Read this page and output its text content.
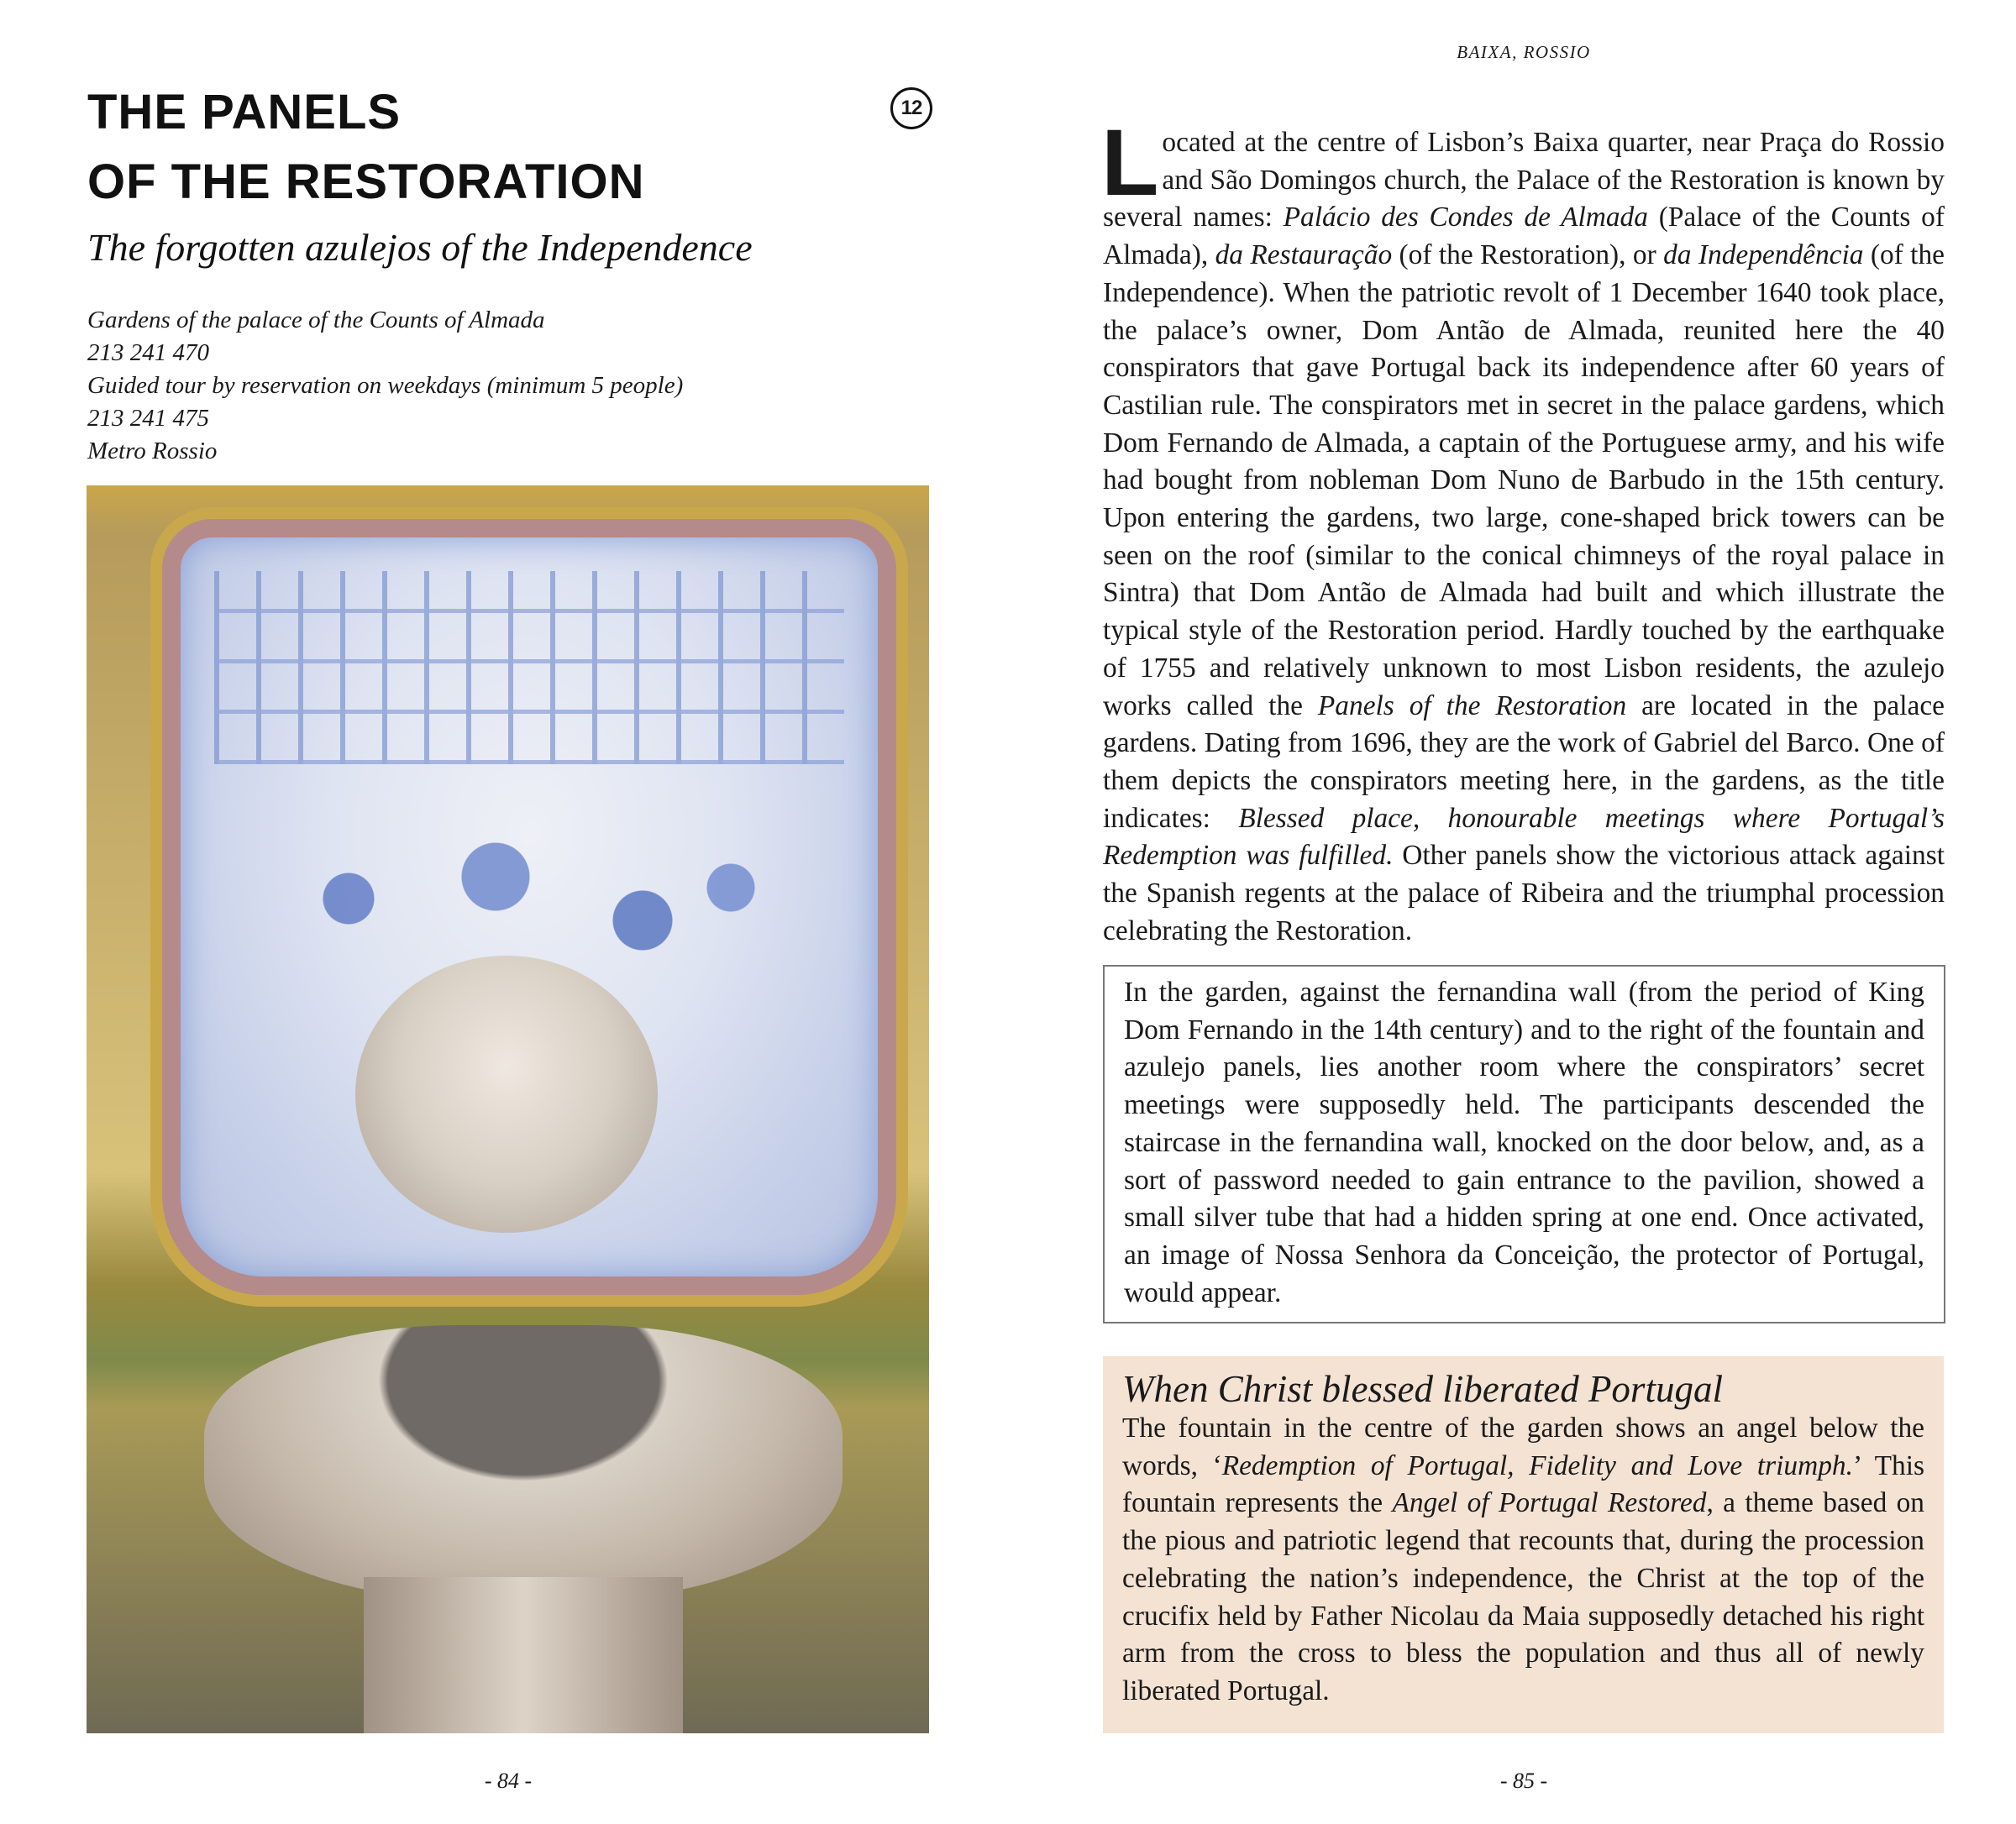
THE PANELS
OF THE RESTORATION
12
The forgotten azulejos of the Independence
Gardens of the palace of the Counts of Almada
213 241 470
Guided tour by reservation on weekdays (minimum 5 people)
213 241 475
Metro Rossio
- 84 -
BAIXA, ROSSIO

Located at the centre of Lisbon’s Baixa quarter, near Praça do Rossio and São Domingos church, the Palace of the Restoration is known by several names: Palácio des Condes de Almada (Palace of the Counts of Almada), da Restauração (of the Restoration), or da Independência (of the Independence). When the patriotic revolt of 1 December 1640 took place, the palace’s owner, Dom Antão de Almada, reunited here the 40 conspirators that gave Portugal back its independence after 60 years of Castilian rule. The conspirators met in secret in the palace gardens, which Dom Fernando de Almada, a captain of the Portuguese army, and his wife had bought from nobleman Dom Nuno de Barbudo in the 15th century. Upon entering the gardens, two large, cone-shaped brick towers can be seen on the roof (similar to the conical chimneys of the royal palace in Sintra) that Dom Antão de Almada had built and which illustrate the typical style of the Restoration period. Hardly touched by the earthquake of 1755 and relatively unknown to most Lisbon residents, the azulejo works called the Panels of the Restoration are located in the palace gardens. Dating from 1696, they are the work of Gabriel del Barco. One of them depicts the conspirators meeting here, in the gardens, as the title indicates: Blessed place, honourable meetings where Portugal’s Redemption was fulfilled. Other panels show the victorious attack against the Spanish regents at the palace of Ribeira and the triumphal procession celebrating the Restoration.

In the garden, against the fernandina wall (from the period of King Dom Fernando in the 14th century) and to the right of the fountain and azulejo panels, lies another room where the conspirators’ secret meetings were supposedly held. The participants descended the staircase in the fernandina wall, knocked on the door below, and, as a sort of password needed to gain entrance to the pavilion, showed a small silver tube that had a hidden spring at one end. Once activated, an image of Nossa Senhora da Conceição, the protector of Portugal, would appear.
When Christ blessed liberated Portugal

The fountain in the centre of the garden shows an angel below the words, ‘Redemption of Portugal, Fidelity and Love triumph.’ This fountain represents the Angel of Portugal Restored, a theme based on the pious and patriotic legend that recounts that, during the procession celebrating the nation’s independence, the Christ at the top of the crucifix held by Father Nicolau da Maia supposedly detached his right arm from the cross to bless the population and thus all of newly liberated Portugal.

- 85 -
